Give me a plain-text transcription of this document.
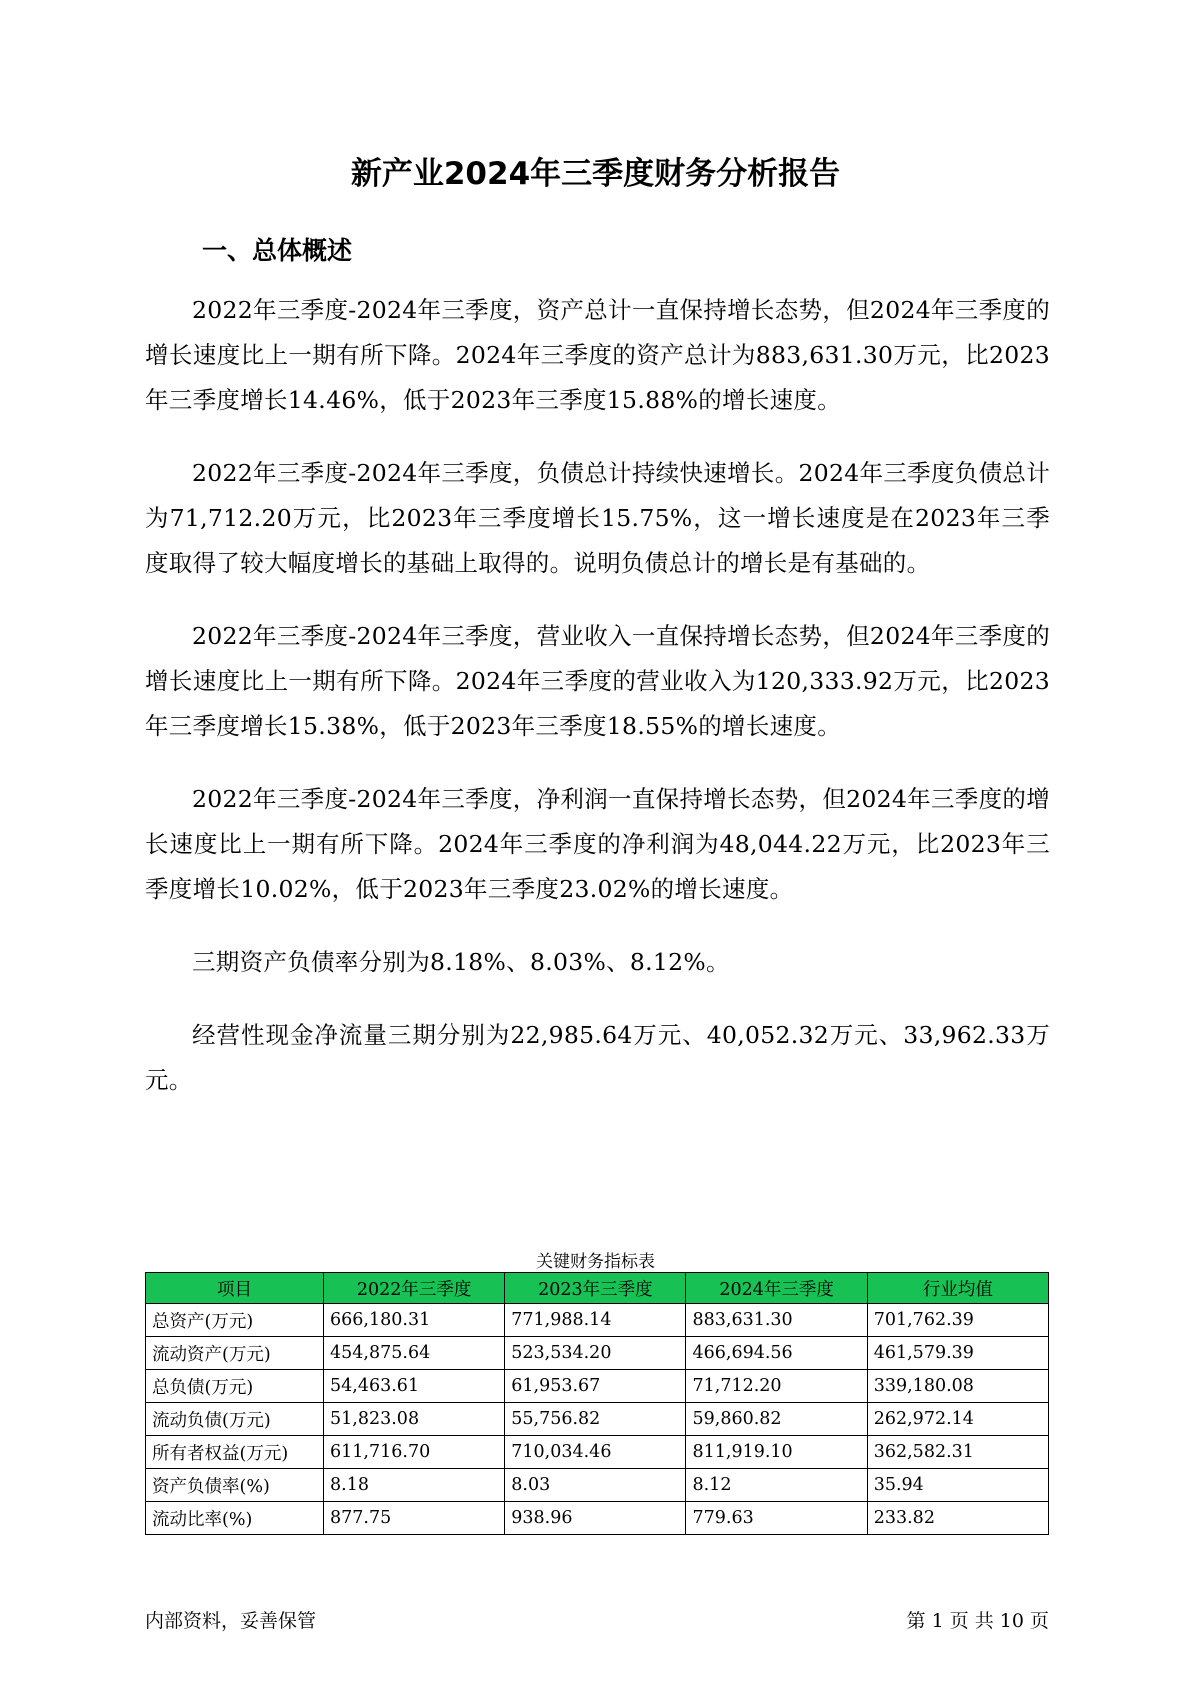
新产业2024年三季度财务分析报告
一、总体概述

2022年三季度-2024年三季度，资产总计一直保持增长态势，但2024年三季度的增长速度比上一期有所下降。2024年三季度的资产总计为883,631.30万元，比2023年三季度增长14.46%，低于2023年三季度15.88%的增长速度。

2022年三季度-2024年三季度，负债总计持续快速增长。2024年三季度负债总计为71,712.20万元，比2023年三季度增长15.75%，这一增长速度是在2023年三季度取得了较大幅度增长的基础上取得的。说明负债总计的增长是有基础的。

2022年三季度-2024年三季度，营业收入一直保持增长态势，但2024年三季度的增长速度比上一期有所下降。2024年三季度的营业收入为120,333.92万元，比2023年三季度增长15.38%，低于2023年三季度18.55%的增长速度。

2022年三季度-2024年三季度，净利润一直保持增长态势，但2024年三季度的增长速度比上一期有所下降。2024年三季度的净利润为48,044.22万元，比2023年三季度增长10.02%，低于2023年三季度23.02%的增长速度。

三期资产负债率分别为8.18%、8.03%、8.12%。

经营性现金净流量三期分别为22,985.64万元、40,052.32万元、33,962.33万元。

关键财务指标表
项目	2022年三季度	2023年三季度	2024年三季度	行业均值
总资产(万元)	666,180.31	771,988.14	883,631.30	701,762.39
流动资产(万元)	454,875.64	523,534.20	466,694.56	461,579.39
总负债(万元)	54,463.61	61,953.67	71,712.20	339,180.08
流动负债(万元)	51,823.08	55,756.82	59,860.82	262,972.14
所有者权益(万元)	611,716.70	710,034.46	811,919.10	362,582.31
资产负债率(%)	8.18	8.03	8.12	35.94
流动比率(%)	877.75	938.96	779.63	233.82
内部资料，妥善保管	第 1 页 共 10 页
